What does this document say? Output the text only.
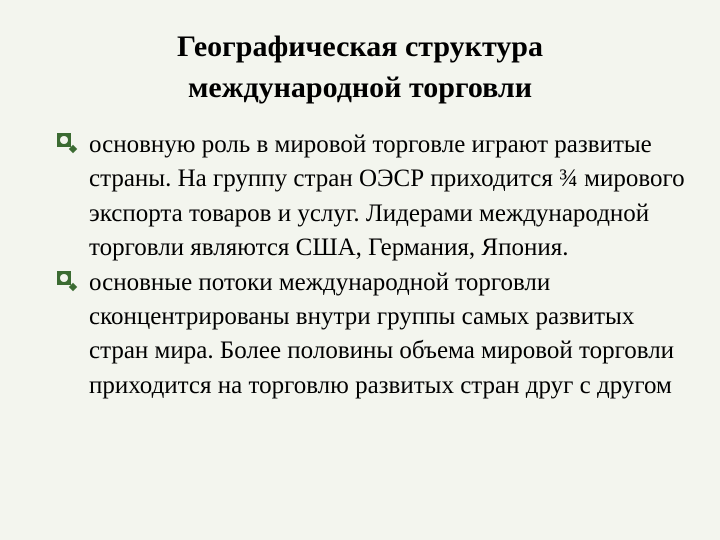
Географическая структура
международной торговли
основную роль в мировой торговле играют развитые страны. На группу стран ОЭСР приходится ¾ мирового экспорта товаров и услуг. Лидерами международной торговли являются США, Германия, Япония.
основные потоки международной торговли сконцентрированы внутри группы самых развитых стран мира. Более половины объема мировой торговли приходится на торговлю развитых стран друг с другом
